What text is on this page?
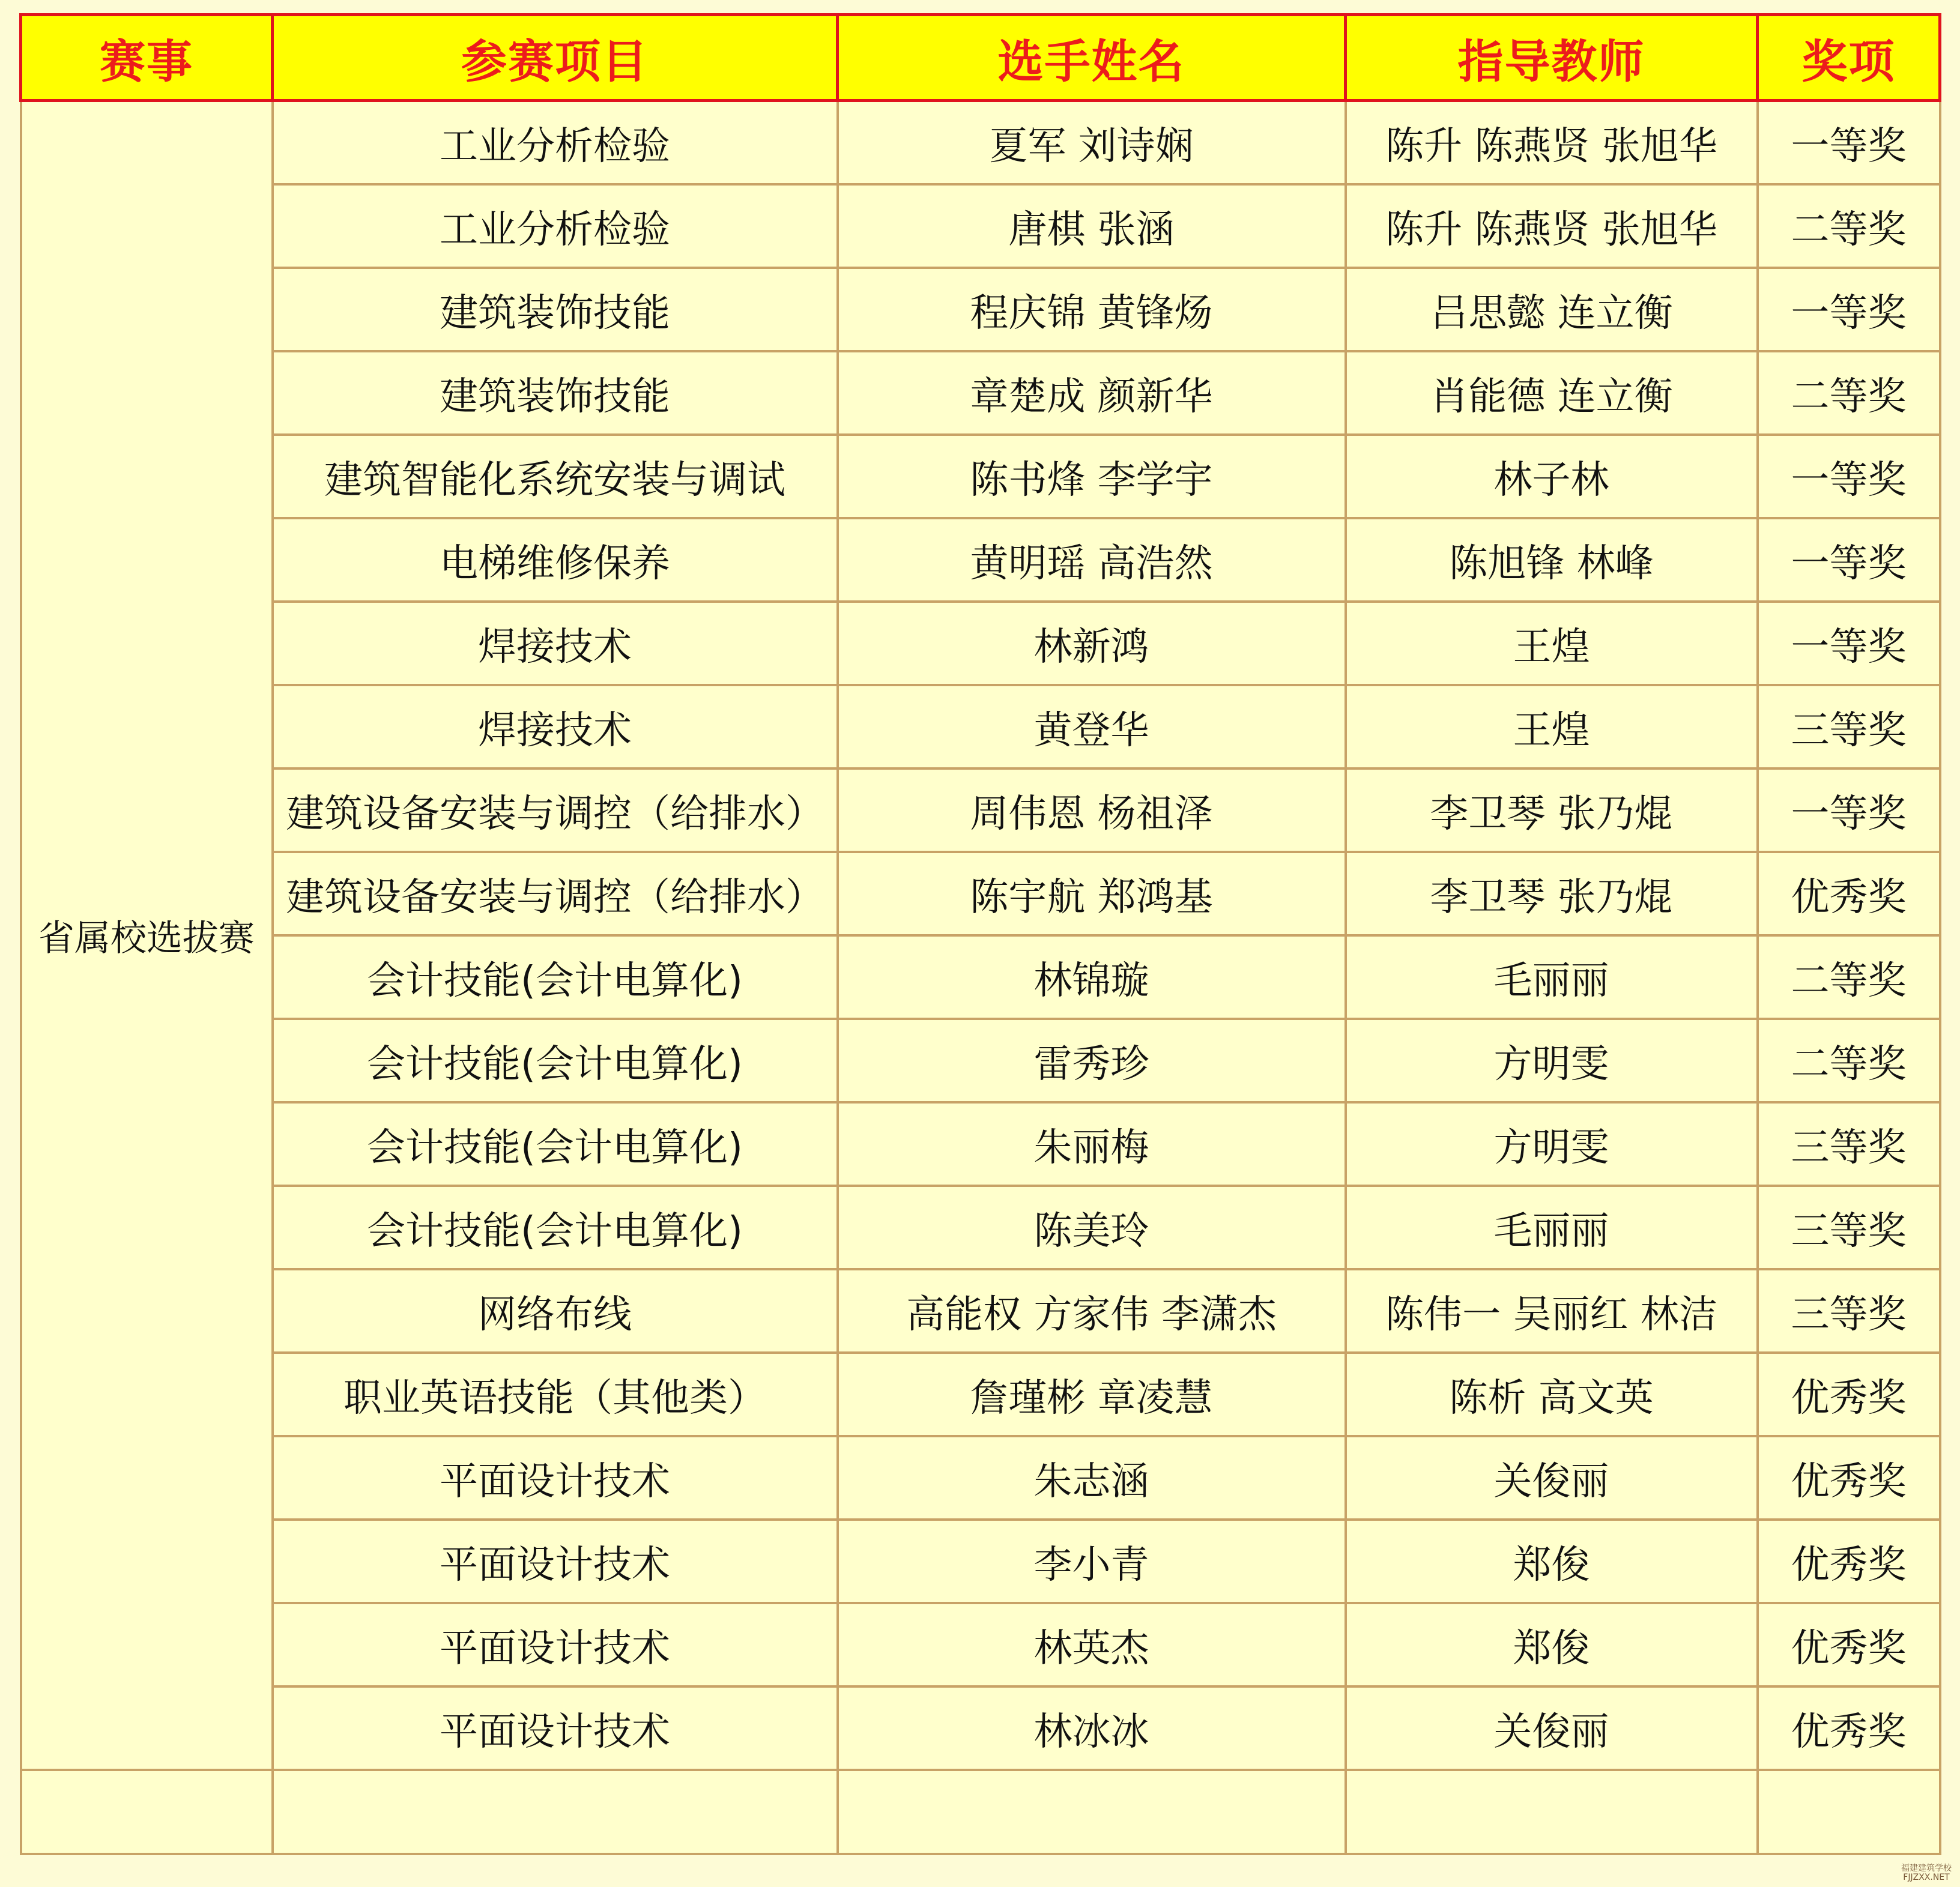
赛事	参赛项目	选手姓名	指导教师	奖项
省属校选拔赛	工业分析检验	夏军 刘诗娴	陈升 陈燕贤 张旭华	一等奖
	工业分析检验	唐棋 张涵	陈升 陈燕贤 张旭华	二等奖
	建筑装饰技能	程庆锦 黄锋炀	吕思懿 连立衡	一等奖
	建筑装饰技能	章楚成 颜新华	肖能德 连立衡	二等奖
	建筑智能化系统安装与调试	陈书烽 李学宇	林子林	一等奖
	电梯维修保养	黄明瑶 高浩然	陈旭锋 林峰	一等奖
	焊接技术	林新鸿	王煌	一等奖
	焊接技术	黄登华	王煌	三等奖
	建筑设备安装与调控（给排水）	周伟恩 杨祖泽	李卫琴 张乃焜	一等奖
	建筑设备安装与调控（给排水）	陈宇航 郑鸿基	李卫琴 张乃焜	优秀奖
	会计技能(会计电算化)	林锦璇	毛丽丽	二等奖
	会计技能(会计电算化)	雷秀珍	方明雯	二等奖
	会计技能(会计电算化)	朱丽梅	方明雯	三等奖
	会计技能(会计电算化)	陈美玲	毛丽丽	三等奖
	网络布线	高能权 方家伟 李潇杰	陈伟一 吴丽红 林洁	三等奖
	职业英语技能（其他类）	詹瑾彬 章凌慧	陈析 高文英	优秀奖
	平面设计技术	朱志涵	关俊丽	优秀奖
	平面设计技术	李小青	郑俊	优秀奖
	平面设计技术	林英杰	郑俊	优秀奖
	平面设计技术	林冰冰	关俊丽	优秀奖

福建建筑学校
FJJZXX.NET
